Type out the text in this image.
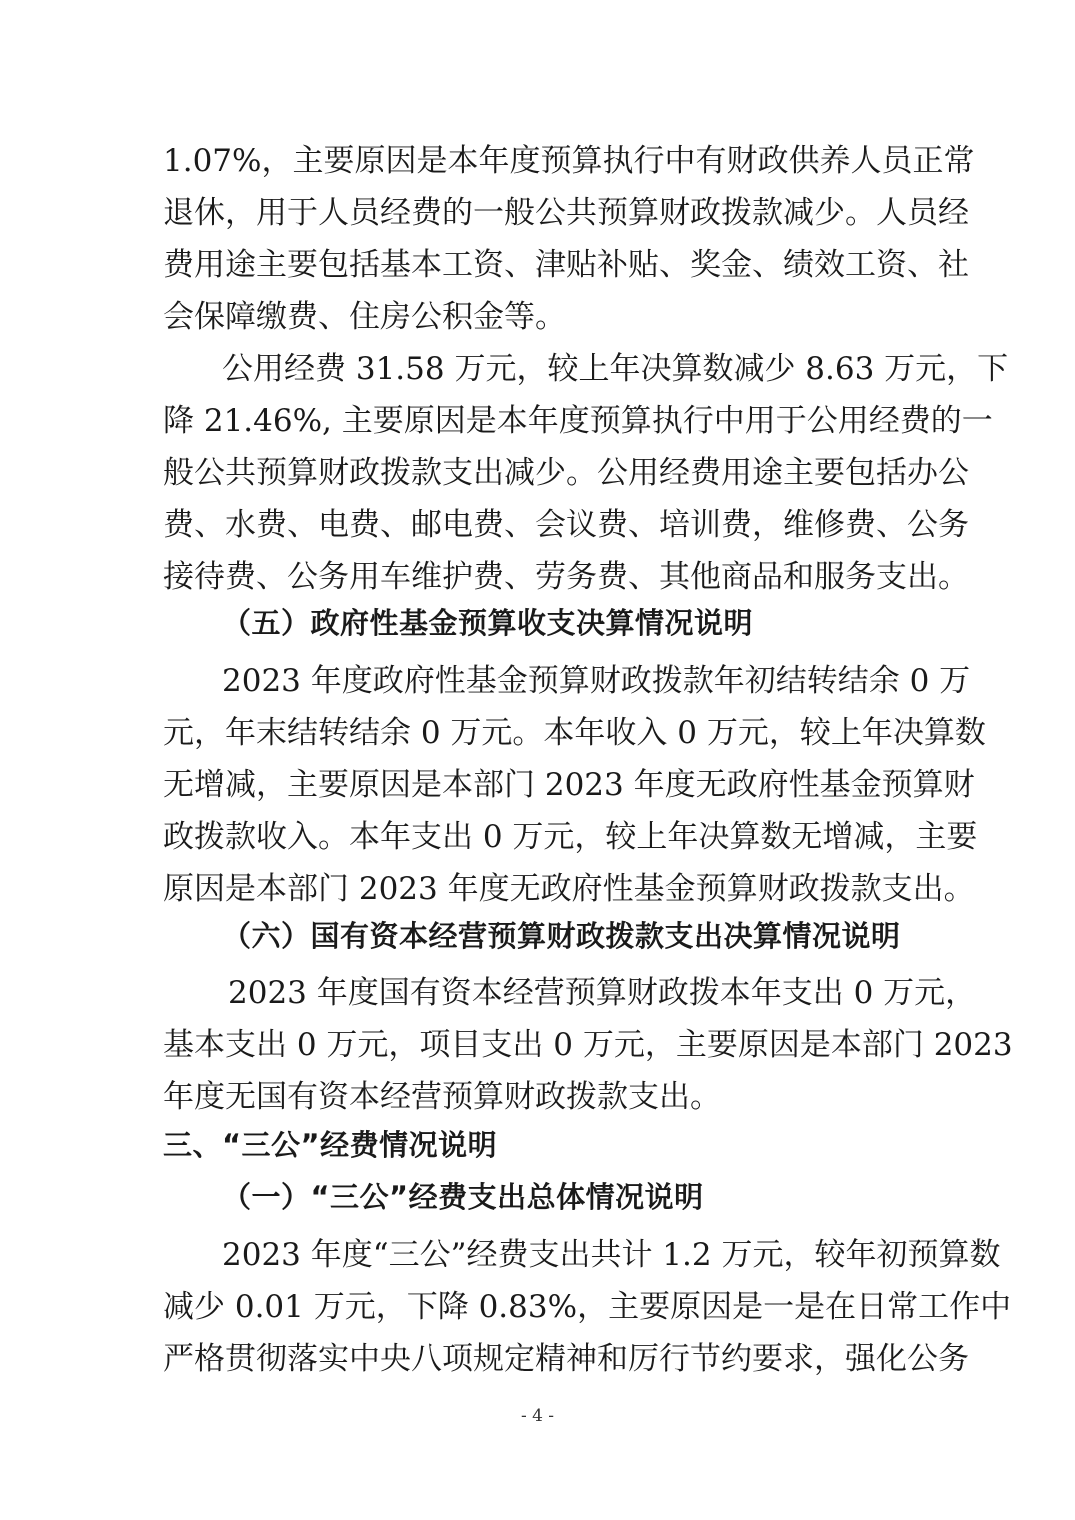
1.07%，主要原因是本年度预算执行中有财政供养人员正常
退休，用于人员经费的一般公共预算财政拨款减少。人员经
费用途主要包括基本工资、津贴补贴、奖金、绩效工资、社
会保障缴费、住房公积金等。
公用经费 31.58 万元，较上年决算数减少 8.63 万元，下
降 21.46%, 主要原因是本年度预算执行中用于公用经费的一
般公共预算财政拨款支出减少。公用经费用途主要包括办公
费、水费、电费、邮电费、会议费、培训费，维修费、公务
接待费、公务用车维护费、劳务费、其他商品和服务支出。
（五）政府性基金预算收支决算情况说明
2023 年度政府性基金预算财政拨款年初结转结余 0 万
元，年末结转结余 0 万元。本年收入 0 万元，较上年决算数
无增减，主要原因是本部门 2023 年度无政府性基金预算财
政拨款收入。本年支出 0 万元，较上年决算数无增减，主要
原因是本部门 2023 年度无政府性基金预算财政拨款支出。
（六）国有资本经营预算财政拨款支出决算情况说明
2023 年度国有资本经营预算财政拨本年支出 0 万元，
基本支出 0 万元，项目支出 0 万元，主要原因是本部门 2023
年度无国有资本经营预算财政拨款支出。
三、“三公”经费情况说明
（一）“三公”经费支出总体情况说明
2023 年度“三公”经费支出共计 1.2 万元，较年初预算数
减少 0.01 万元，下降 0.83%，主要原因是一是在日常工作中
严格贯彻落实中央八项规定精神和厉行节约要求，强化公务
- 4 -
